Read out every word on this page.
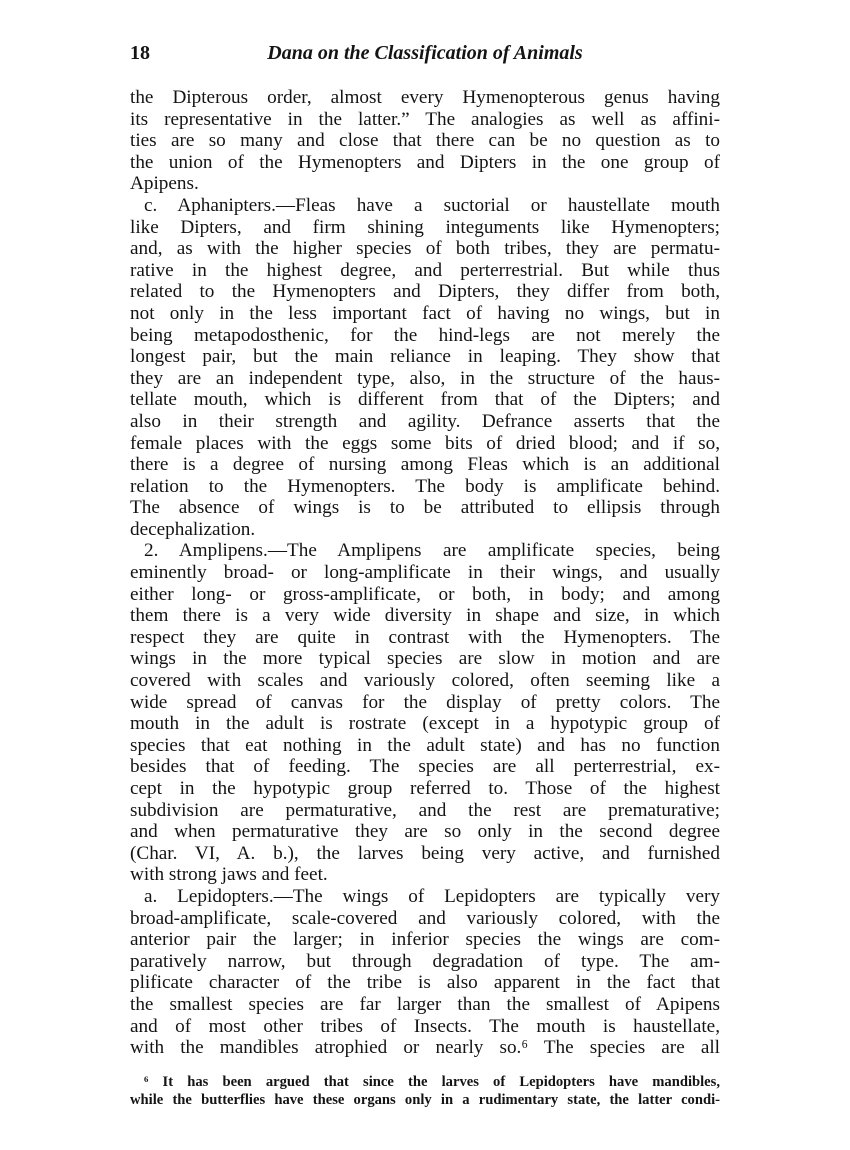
18	Dana on the Classification of Animals
the Dipterous order, almost every Hymenopterous genus having
its representative in the latter.” The analogies as well as affini-
ties are so many and close that there can be no question as to
the union of the Hymenopters and Dipters in the one group of
Apipens.
c. Aphanipters.—Fleas have a suctorial or haustellate mouth
like Dipters, and firm shining integuments like Hymenopters;
and, as with the higher species of both tribes, they are permatu-
rative in the highest degree, and perterrestrial. But while thus
related to the Hymenopters and Dipters, they differ from both,
not only in the less important fact of having no wings, but in
being metapodosthenic, for the hind-legs are not merely the
longest pair, but the main reliance in leaping. They show that
they are an independent type, also, in the structure of the haus-
tellate mouth, which is different from that of the Dipters; and
also in their strength and agility. Defrance asserts that the
female places with the eggs some bits of dried blood; and if so,
there is a degree of nursing among Fleas which is an additional
relation to the Hymenopters. The body is amplificate behind.
The absence of wings is to be attributed to ellipsis through
decephalization.
2. Amplipens.—The Amplipens are amplificate species, being
eminently broad- or long-amplificate in their wings, and usually
either long- or gross-amplificate, or both, in body; and among
them there is a very wide diversity in shape and size, in which
respect they are quite in contrast with the Hymenopters. The
wings in the more typical species are slow in motion and are
covered with scales and variously colored, often seeming like a
wide spread of canvas for the display of pretty colors. The
mouth in the adult is rostrate (except in a hypotypic group of
species that eat nothing in the adult state) and has no function
besides that of feeding. The species are all perterrestrial, ex-
cept in the hypotypic group referred to. Those of the highest
subdivision are permaturative, and the rest are prematurative;
and when permaturative they are so only in the second degree
(Char. VI, A. b.), the larves being very active, and furnished
with strong jaws and feet.
a. Lepidopters.—The wings of Lepidopters are typically very
broad-amplificate, scale-covered and variously colored, with the
anterior pair the larger; in inferior species the wings are com-
paratively narrow, but through degradation of type. The am-
plificate character of the tribe is also apparent in the fact that
the smallest species are far larger than the smallest of Apipens
and of most other tribes of Insects. The mouth is haustellate,
with the mandibles atrophied or nearly so.⁶ The species are all
⁶ It has been argued that since the larves of Lepidopters have mandibles,
while the butterflies have these organs only in a rudimentary state, the latter condi-
